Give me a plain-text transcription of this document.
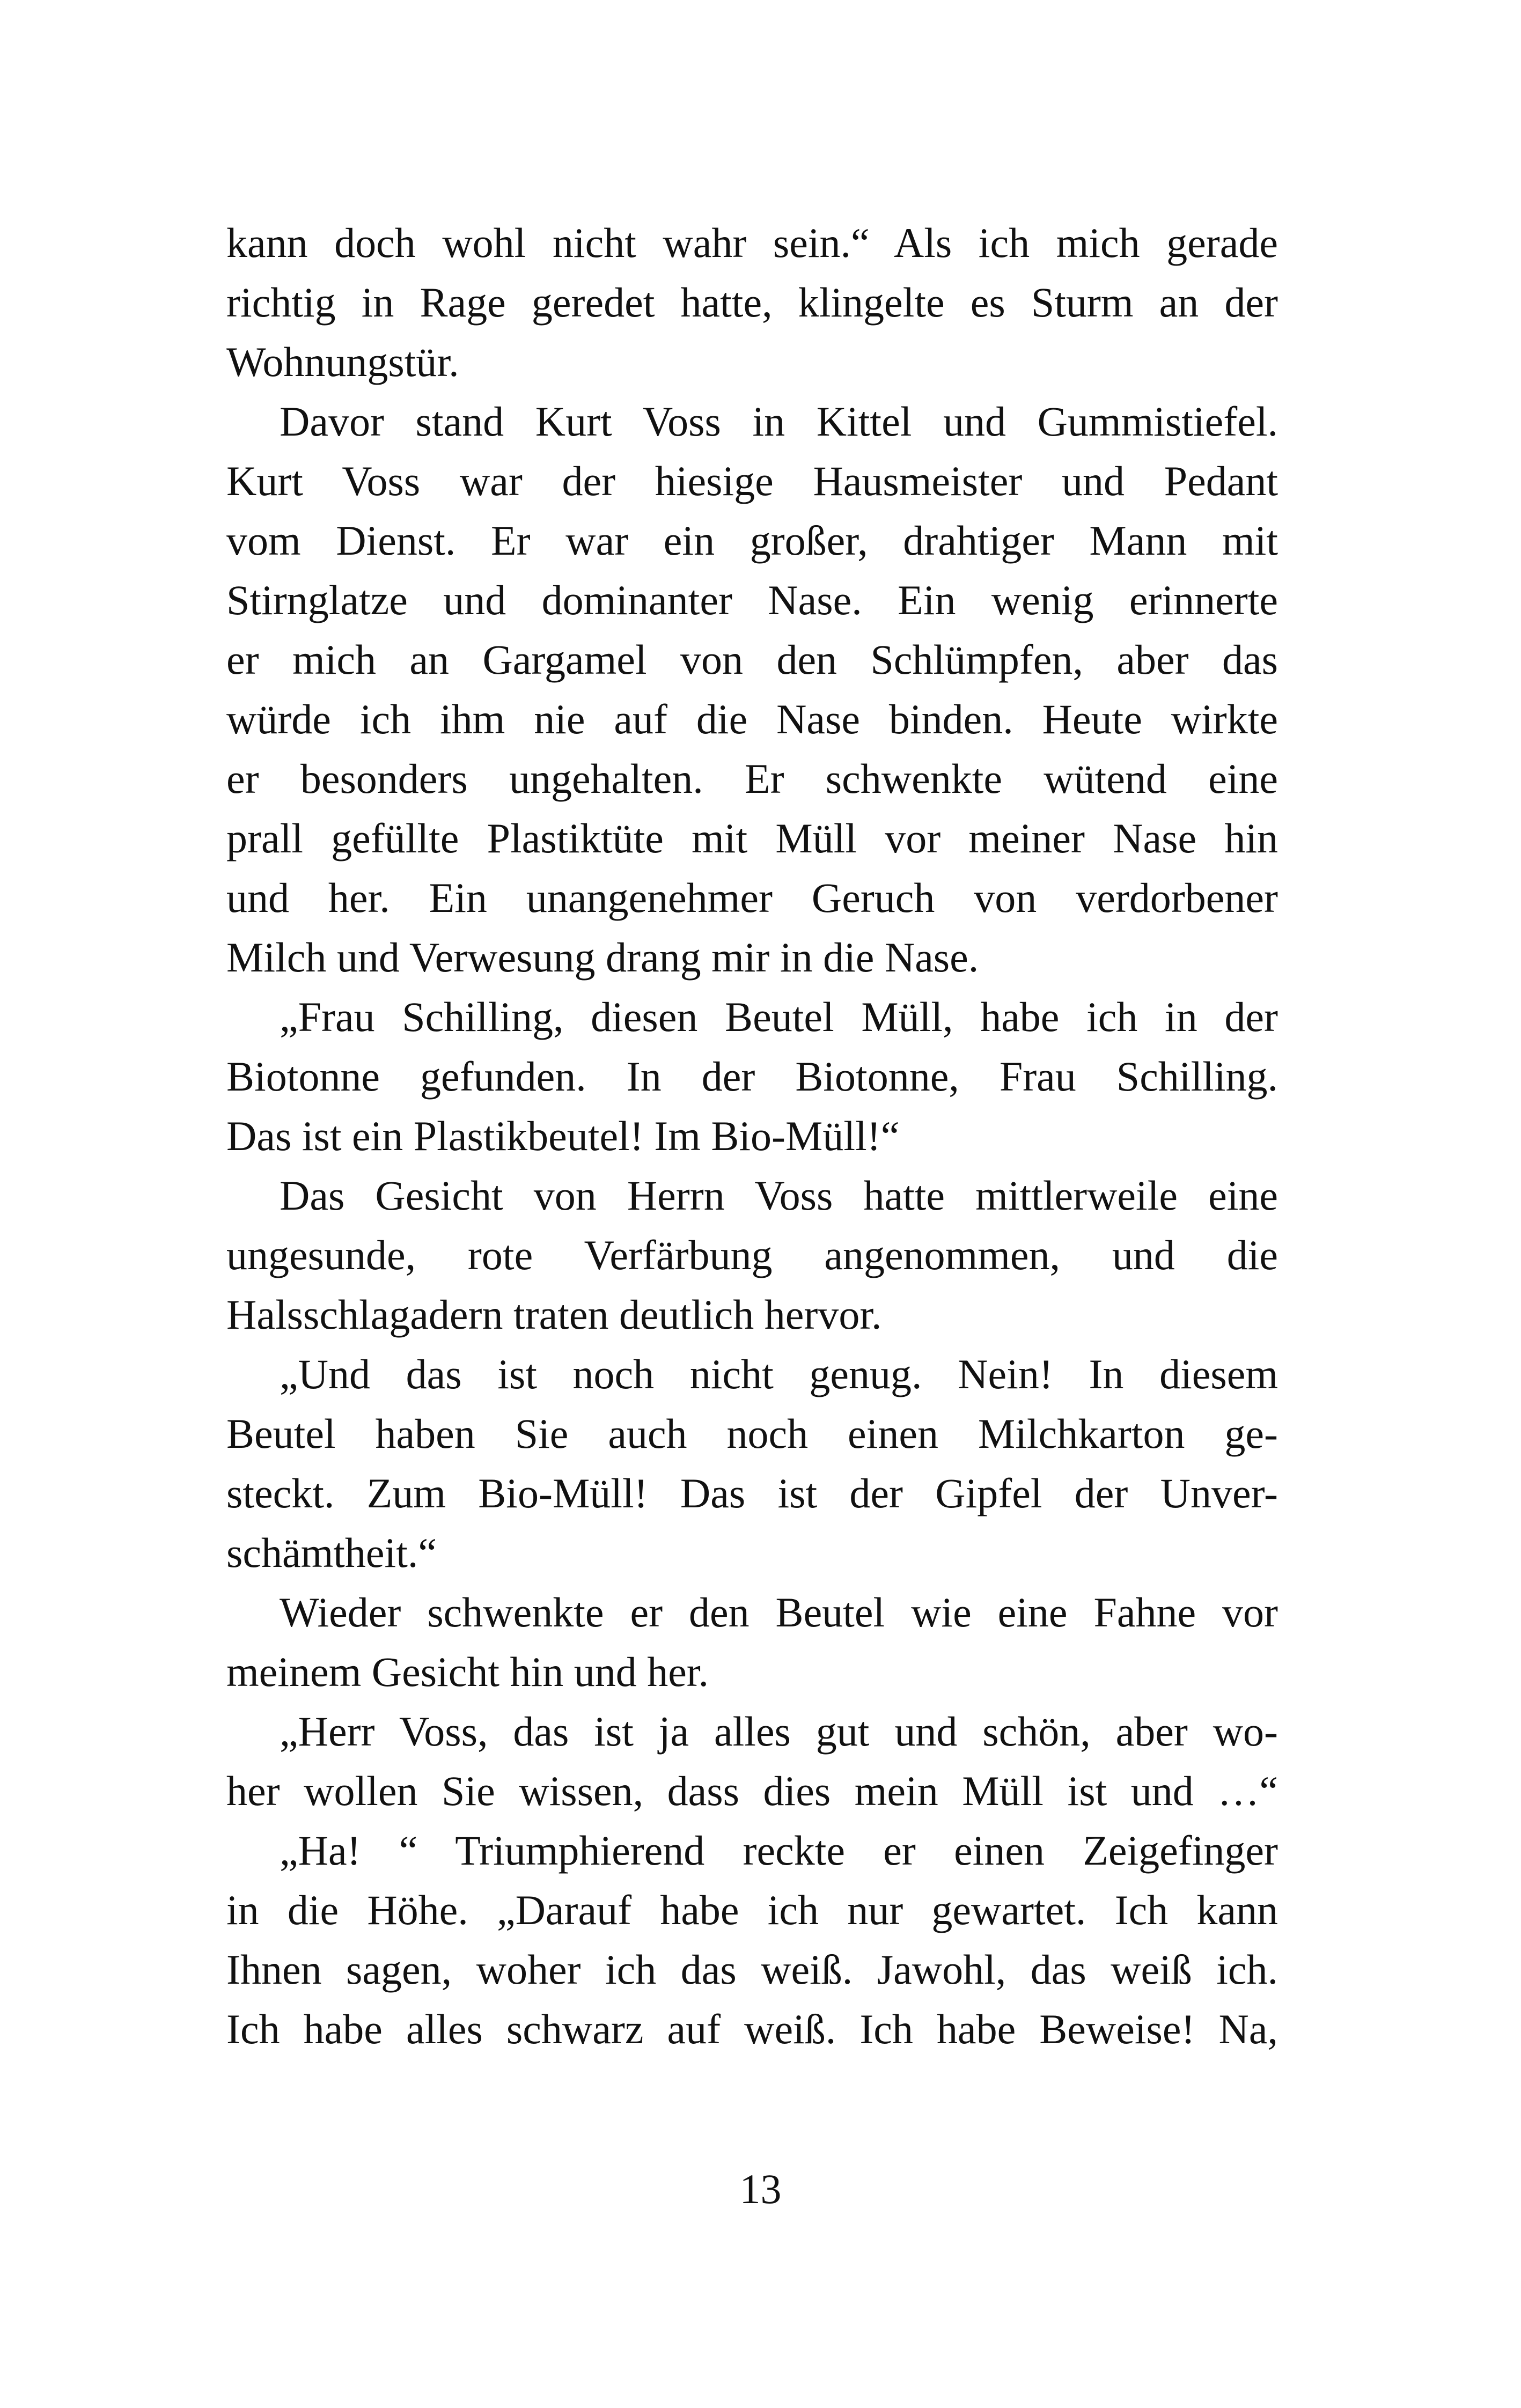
kann doch wohl nicht wahr sein.“ Als ich mich gerade
richtig in Rage geredet hatte, klingelte es Sturm an der
Wohnungstür.
Davor stand Kurt Voss in Kittel und Gummistiefel.
Kurt Voss war der hiesige Hausmeister und Pedant
vom Dienst. Er war ein großer, drahtiger Mann mit
Stirnglatze und dominanter Nase. Ein wenig erinnerte
er mich an Gargamel von den Schlümpfen, aber das
würde ich ihm nie auf die Nase binden. Heute wirkte
er besonders ungehalten. Er schwenkte wütend eine
prall gefüllte Plastiktüte mit Müll vor meiner Nase hin
und her. Ein unangenehmer Geruch von verdorbener
Milch und Verwesung drang mir in die Nase.
„Frau Schilling, diesen Beutel Müll, habe ich in der
Biotonne gefunden. In der Biotonne, Frau Schilling.
Das ist ein Plastikbeutel! Im Bio-Müll!“
Das Gesicht von Herrn Voss hatte mittlerweile eine
ungesunde, rote Verfärbung angenommen, und die
Halsschlagadern traten deutlich hervor.
„Und das ist noch nicht genug. Nein! In diesem
Beutel haben Sie auch noch einen Milchkarton ge-
steckt. Zum Bio-Müll! Das ist der Gipfel der Unver-
schämtheit.“
Wieder schwenkte er den Beutel wie eine Fahne vor
meinem Gesicht hin und her.
„Herr Voss, das ist ja alles gut und schön, aber wo-
her wollen Sie wissen, dass dies mein Müll ist und …“
„Ha! “ Triumphierend reckte er einen Zeigefinger
in die Höhe. „Darauf habe ich nur gewartet. Ich kann
Ihnen sagen, woher ich das weiß. Jawohl, das weiß ich.
Ich habe alles schwarz auf weiß. Ich habe Beweise! Na,
13
